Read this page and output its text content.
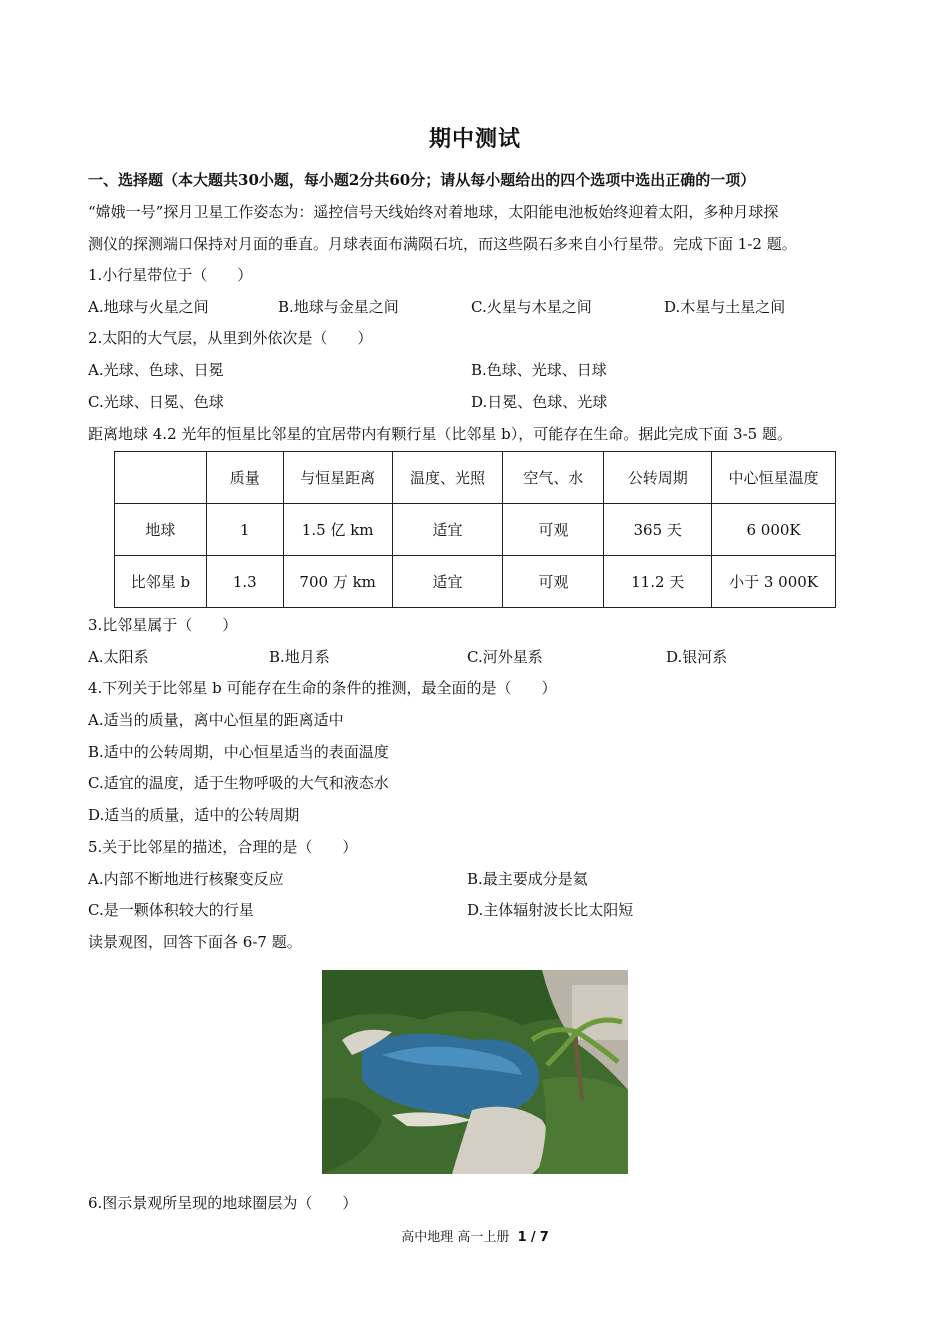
期中测试
一、选择题（本大题共30小题，每小题2分共60分；请从每小题给出的四个选项中选出正确的一项）
“嫦娥一号”探月卫星工作姿态为：遥控信号天线始终对着地球，太阳能电池板始终迎着太阳，多种月球探
测仪的探测端口保持对月面的垂直。月球表面布满陨石坑，而这些陨石多来自小行星带。完成下面 1-2 题。
1.小行星带位于（　　）
A.地球与火星之间	B.地球与金星之间	C.火星与木星之间	D.木星与土星之间
2.太阳的大气层，从里到外依次是（　　）
A.光球、色球、日冕	B.色球、光球、日球
C.光球、日冕、色球	D.日冕、色球、光球
距离地球 4.2 光年的恒星比邻星的宜居带内有颗行星（比邻星 b），可能存在生命。据此完成下面 3-5 题。
	质量	与恒星距离	温度、光照	空气、水	公转周期	中心恒星温度
地球	1	1.5 亿 km	适宜	可观	365 天	6 000K
比邻星 b	1.3	700 万 km	适宜	可观	11.2 天	小于 3 000K
3.比邻星属于（　　）
A.太阳系	B.地月系	C.河外星系	D.银河系
4.下列关于比邻星 b 可能存在生命的条件的推测，最全面的是（　　）
A.适当的质量，离中心恒星的距离适中
B.适中的公转周期，中心恒星适当的表面温度
C.适宜的温度，适于生物呼吸的大气和液态水
D.适当的质量，适中的公转周期
5.关于比邻星的描述，合理的是（　　）
A.内部不断地进行核聚变反应	B.最主要成分是氦
C.是一颗体积较大的行星	D.主体辐射波长比太阳短
读景观图，回答下面各 6-7 题。
6.图示景观所呈现的地球圈层为（　　）
高中地理 高一上册 1 / 7
